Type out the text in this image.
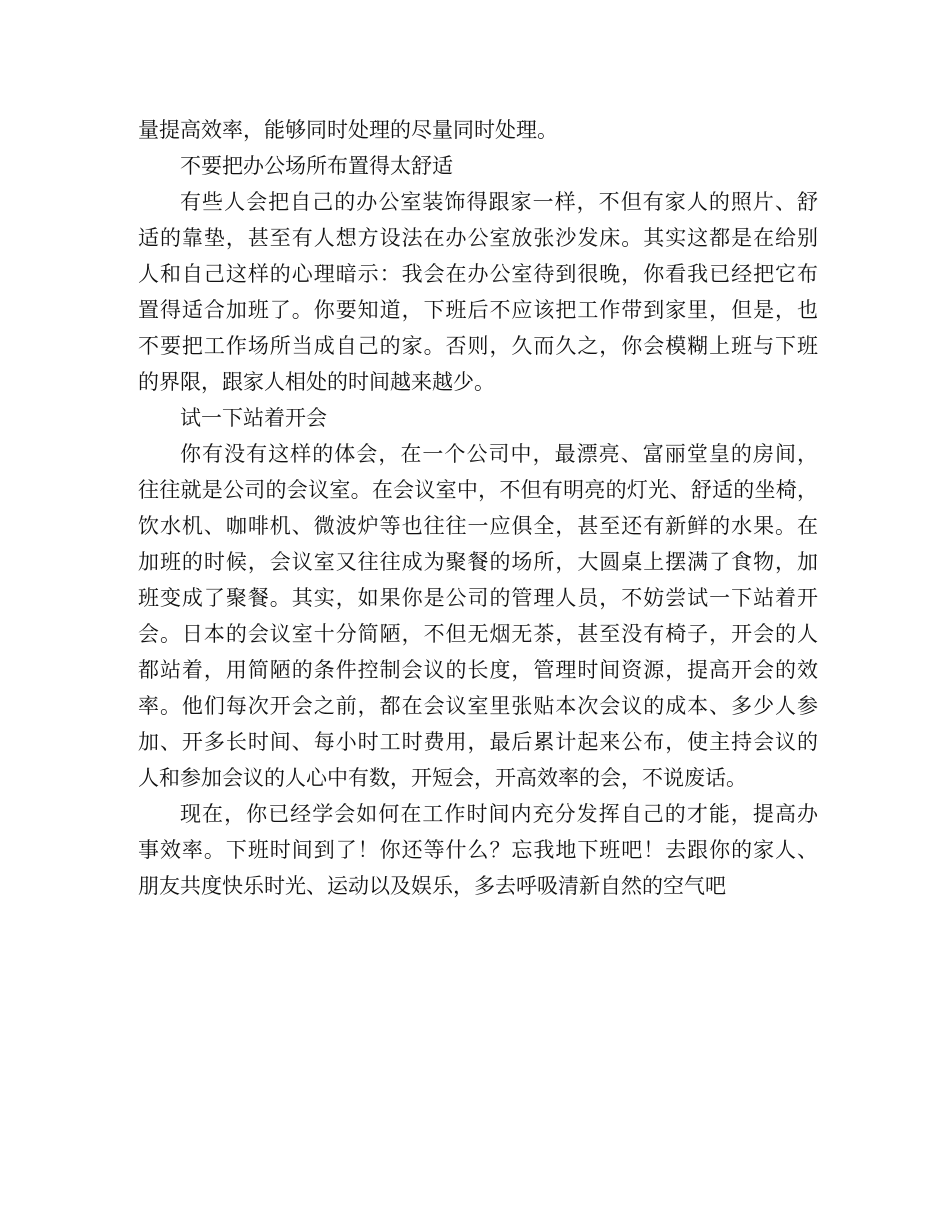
量提高效率，能够同时处理的尽量同时处理。
不要把办公场所布置得太舒适
有些人会把自己的办公室装饰得跟家一样，不但有家人的照片、舒
适的靠垫，甚至有人想方设法在办公室放张沙发床。其实这都是在给别
人和自己这样的心理暗示：我会在办公室待到很晚，你看我已经把它布
置得适合加班了。你要知道，下班后不应该把工作带到家里，但是，也
不要把工作场所当成自己的家。否则，久而久之，你会模糊上班与下班
的界限，跟家人相处的时间越来越少。
试一下站着开会
你有没有这样的体会，在一个公司中，最漂亮、富丽堂皇的房间，
往往就是公司的会议室。在会议室中，不但有明亮的灯光、舒适的坐椅，
饮水机、咖啡机、微波炉等也往往一应俱全，甚至还有新鲜的水果。在
加班的时候，会议室又往往成为聚餐的场所，大圆桌上摆满了食物，加
班变成了聚餐。其实，如果你是公司的管理人员，不妨尝试一下站着开
会。日本的会议室十分简陋，不但无烟无茶，甚至没有椅子，开会的人
都站着，用简陋的条件控制会议的长度，管理时间资源，提高开会的效
率。他们每次开会之前，都在会议室里张贴本次会议的成本、多少人参
加、开多长时间、每小时工时费用，最后累计起来公布，使主持会议的
人和参加会议的人心中有数，开短会，开高效率的会，不说废话。
现在，你已经学会如何在工作时间内充分发挥自己的才能，提高办
事效率。下班时间到了！你还等什么？忘我地下班吧！去跟你的家人、
朋友共度快乐时光、运动以及娱乐，多去呼吸清新自然的空气吧
